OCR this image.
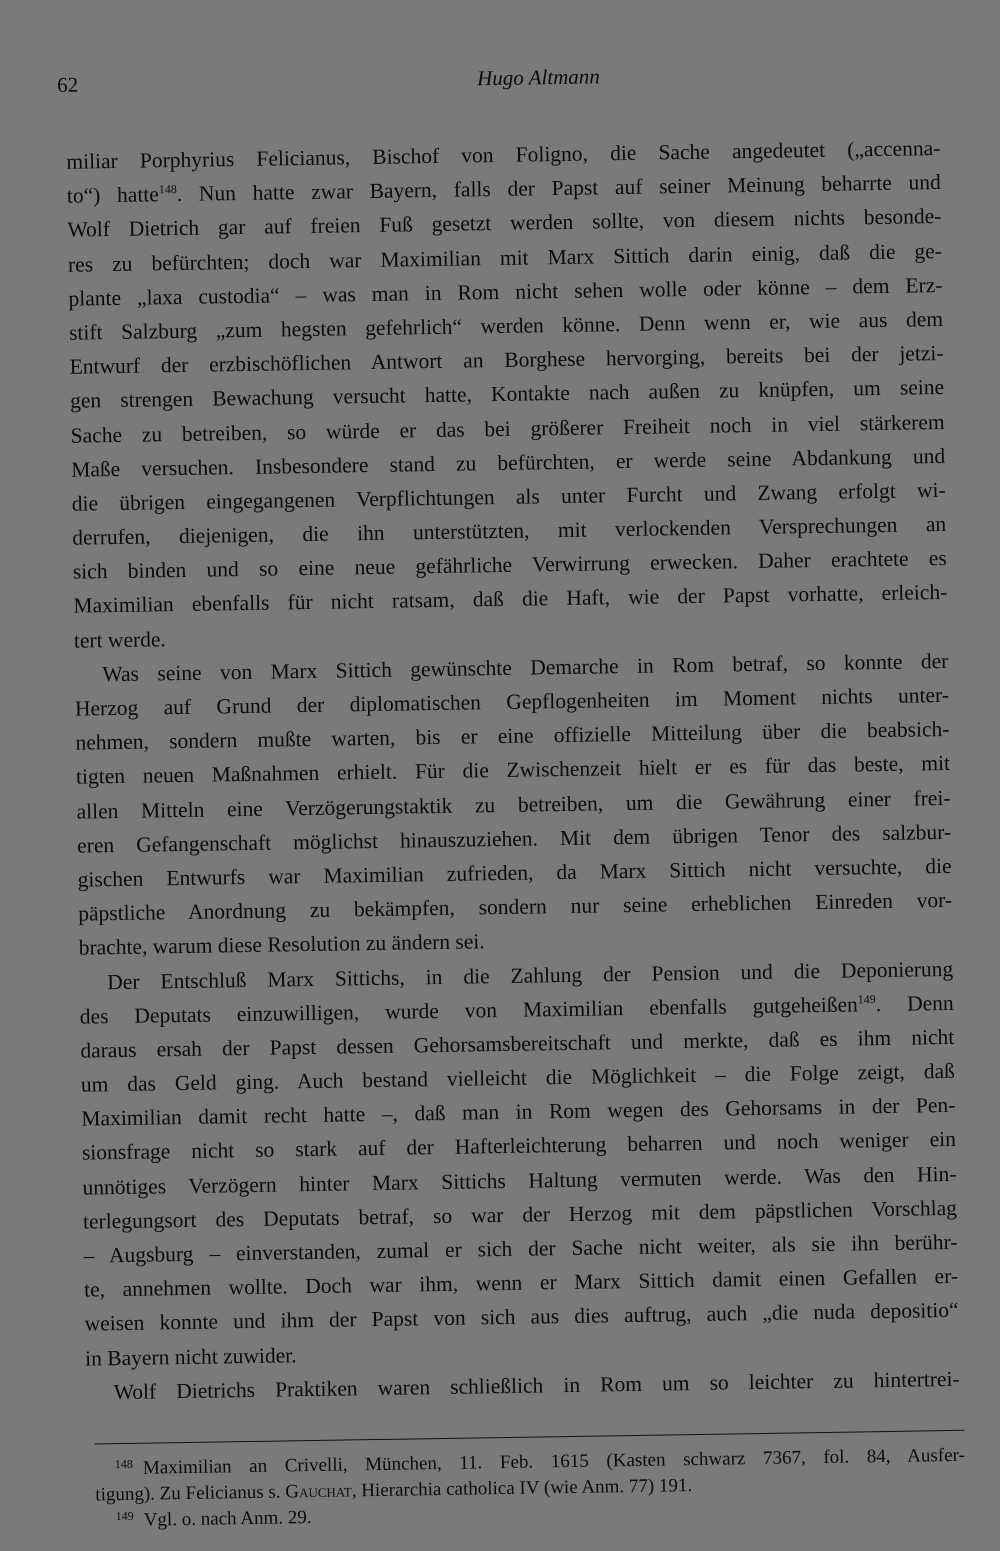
62	Hugo Altmann
miliar Porphyrius Felicianus, Bischof von Foligno, die Sache angedeutet („accenna-
to“) hatte$^{148}$. Nun hatte zwar Bayern, falls der Papst auf seiner Meinung beharrte und
Wolf Dietrich gar auf freien Fuß gesetzt werden sollte, von diesem nichts besonde-
res zu befürchten; doch war Maximilian mit Marx Sittich darin einig, daß die ge-
plante „laxa custodia“ – was man in Rom nicht sehen wolle oder könne – dem Erz-
stift Salzburg „zum hegsten gefehrlich“ werden könne. Denn wenn er, wie aus dem
Entwurf der erzbischöflichen Antwort an Borghese hervorging, bereits bei der jetzi-
gen strengen Bewachung versucht hatte, Kontakte nach außen zu knüpfen, um seine
Sache zu betreiben, so würde er das bei größerer Freiheit noch in viel stärkerem
Maße versuchen. Insbesondere stand zu befürchten, er werde seine Abdankung und
die übrigen eingegangenen Verpflichtungen als unter Furcht und Zwang erfolgt wi-
derrufen, diejenigen, die ihn unterstützten, mit verlockenden Versprechungen an
sich binden und so eine neue gefährliche Verwirrung erwecken. Daher erachtete es
Maximilian ebenfalls für nicht ratsam, daß die Haft, wie der Papst vorhatte, erleich-
tert werde.
Was seine von Marx Sittich gewünschte Demarche in Rom betraf, so konnte der
Herzog auf Grund der diplomatischen Gepflogenheiten im Moment nichts unter-
nehmen, sondern mußte warten, bis er eine offizielle Mitteilung über die beabsich-
tigten neuen Maßnahmen erhielt. Für die Zwischenzeit hielt er es für das beste, mit
allen Mitteln eine Verzögerungstaktik zu betreiben, um die Gewährung einer frei-
eren Gefangenschaft möglichst hinauszuziehen. Mit dem übrigen Tenor des salzbur-
gischen Entwurfs war Maximilian zufrieden, da Marx Sittich nicht versuchte, die
päpstliche Anordnung zu bekämpfen, sondern nur seine erheblichen Einreden vor-
brachte, warum diese Resolution zu ändern sei.
Der Entschluß Marx Sittichs, in die Zahlung der Pension und die Deponierung
des Deputats einzuwilligen, wurde von Maximilian ebenfalls gutgeheißen$^{149}$. Denn
daraus ersah der Papst dessen Gehorsamsbereitschaft und merkte, daß es ihm nicht
um das Geld ging. Auch bestand vielleicht die Möglichkeit – die Folge zeigt, daß
Maximilian damit recht hatte –, daß man in Rom wegen des Gehorsams in der Pen-
sionsfrage nicht so stark auf der Hafterleichterung beharren und noch weniger ein
unnötiges Verzögern hinter Marx Sittichs Haltung vermuten werde. Was den Hin-
terlegungsort des Deputats betraf, so war der Herzog mit dem päpstlichen Vorschlag
– Augsburg – einverstanden, zumal er sich der Sache nicht weiter, als sie ihn berühr-
te, annehmen wollte. Doch war ihm, wenn er Marx Sittich damit einen Gefallen er-
weisen konnte und ihm der Papst von sich aus dies auftrug, auch „die nuda depositio“
in Bayern nicht zuwider.
Wolf Dietrichs Praktiken waren schließlich in Rom um so leichter zu hintertrei-
$^{148}$ Maximilian an Crivelli, München, 11. Feb. 1615 (Kasten schwarz 7367, fol. 84, Ausfer-
tigung). Zu Felicianus s. Gauchat, Hierarchia catholica IV (wie Anm. 77) 191.
$^{149}$ Vgl. o. nach Anm. 29.
